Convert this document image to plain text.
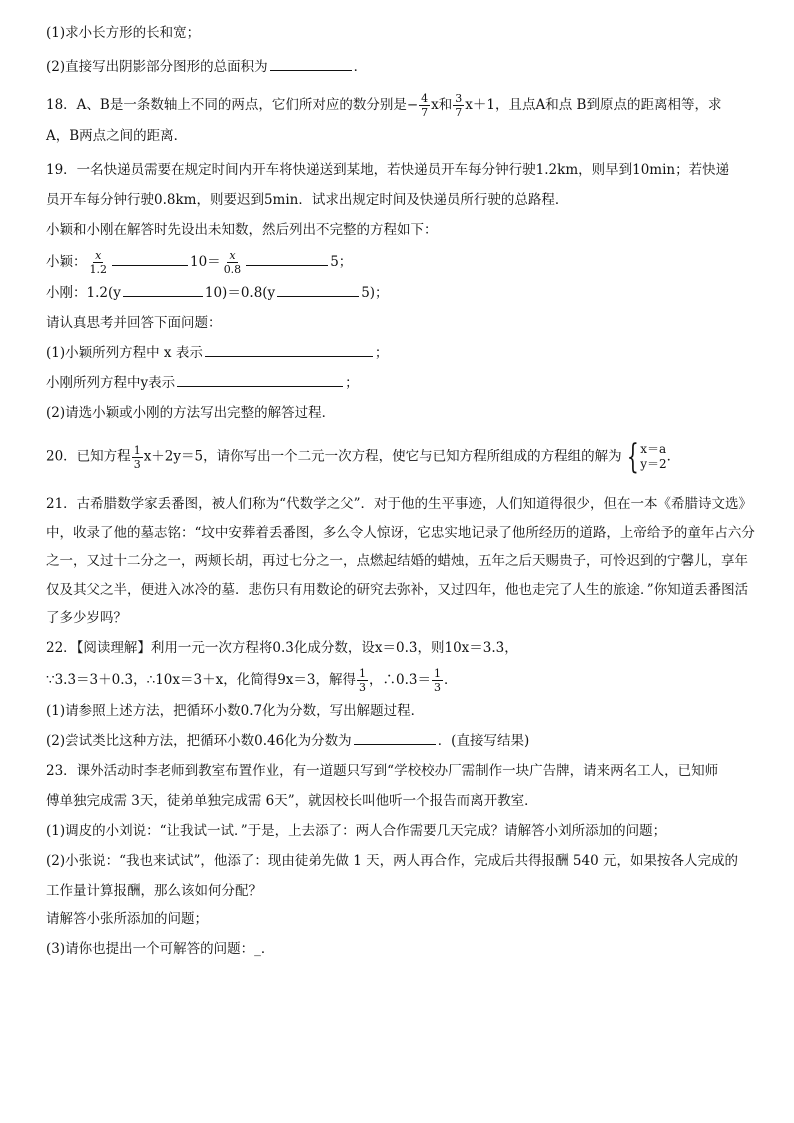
(1)求小长方形的长和宽；
(2)直接写出阴影部分图形的总面积为	．
18．A、B是一条数轴上不同的两点，它们所对应的数分别是− $\frac{4}{7}$ x和 $\frac{3}{7} x+1$，且点A和点 B到原点的距离相等，求
A，B两点之间的距离．
19．一名快递员需要在规定时间内开车将快递送到某地，若快递员开车每分钟行驶1.2km，则早到10min；若快递
员开车每分钟行驶0.8km，则要迟到5min．试求出规定时间及快递员所行驶的总路程．
小颖和小刚在解答时先设出未知数，然后列出不完整的方程如下：
小颖： $\frac{x}{1.2}$	$10= \frac{x}{0.8}$	5；
小刚：1.2(y	10)＝0.8(y	5)；
请认真思考并回答下面问题：
(1)小颖所列方程中 x 表示	；
小刚所列方程中y表示	；
(2)请选小颖或小刚的方法写出完整的解答过程．
20．已知方程 $\frac{1}{3} x+2y=5$，请你写出一个二元一次方程，使它与已知方程所组成的方程组的解为 { x＝a
y＝2 ．
21．古希腊数学家丢番图，被人们称为“代数学之父”．对于他的生平事迹，人们知道得很少，但在一本《希腊诗文选》中，收录了他的墓志铭：“坟中安葬着丢番图，多么令人惊讶，它忠实地记录了他所经历的道路，上帝给予的童年占六分之一，又过十二分之一，两颊长胡，再过七分之一，点燃起结婚的蜡烛，五年之后天赐贵子，可怜迟到的宁馨儿，享年仅及其父之半，便进入冰冷的墓．悲伤只有用数论的研究去弥补，又过四年，他也走完了人生的旅途．”你知道丢番图活了多少岁吗？
22．【阅读理解】利用一元一次方程将0.3̇化成分数，设x＝0.3̇，则10x＝3.3̇，
∵3.3̇＝3＋0.3̇，∴10x＝3＋x，化简得9x＝3，解得 $\frac{1}{3}$ ，∴0.3̇＝ $\frac{1}{3}$ ．
(1)请参照上述方法，把循环小数0.7̇化为分数，写出解题过程．
(2)尝试类比这种方法，把循环小数0.4̇6̇化为分数为	．(直接写结果)
23．课外活动时李老师到教室布置作业，有一道题只写到“学校校办厂需制作一块广告牌，请来两名工人，已知师
傅单独完成需 3天，徒弟单独完成需 6天”，就因校长叫他听一个报告而离开教室．
(1)调皮的小刘说：“让我试一试．”于是，上去添了：两人合作需要几天完成？请解答小刘所添加的问题；
(2)小张说：“我也来试试”，他添了：现由徒弟先做 1 天，两人再合作，完成后共得报酬 540 元，如果按各人完成的
工作量计算报酬，那么该如何分配？
请解答小张所添加的问题；
(3)请你也提出一个可解答的问题：_．
